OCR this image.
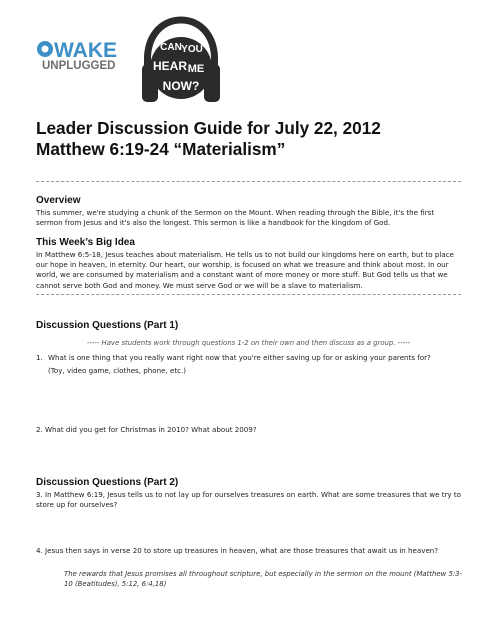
WAKE
UNPLUGGED
CAN YOU
HEAR ME
NOW?
Leader Discussion Guide for July 22, 2012
Matthew 6:19-24 “Materialism”
Overview
This summer, we're studying a chunk of the Sermon on the Mount. When reading through the Bible, it's the first sermon from Jesus and it's also the longest. This sermon is like a handbook for the kingdom of God.
This Week’s Big Idea
In Matthew 6:5-18, Jesus teaches about materialism. He tells us to not build our kingdoms here on earth, but to place our hope in heaven, in eternity. Our heart, our worship, is focused on what we treasure and think about most. In our world, we are consumed by materialism and a constant want of more money or more stuff. But God tells us that we cannot serve both God and money. We must serve God or we will be a slave to materialism.
Discussion Questions (Part 1)
----- Have students work through questions 1-2 on their own and then discuss as a group. -----
1. What is one thing that you really want right now that you're either saving up for or asking your parents for?
(Toy, video game, clothes, phone, etc.)
2. What did you get for Christmas in 2010? What about 2009?
Discussion Questions (Part 2)
3. In Matthew 6:19, Jesus tells us to not lay up for ourselves treasures on earth. What are some treasures that we try to store up for ourselves?
4. Jesus then says in verse 20 to store up treasures in heaven, what are those treasures that await us in heaven?
The rewards that Jesus promises all throughout scripture, but especially in the sermon on the mount (Matthew 5:3-10 (Beatitudes), 5:12, 6:4,18)
